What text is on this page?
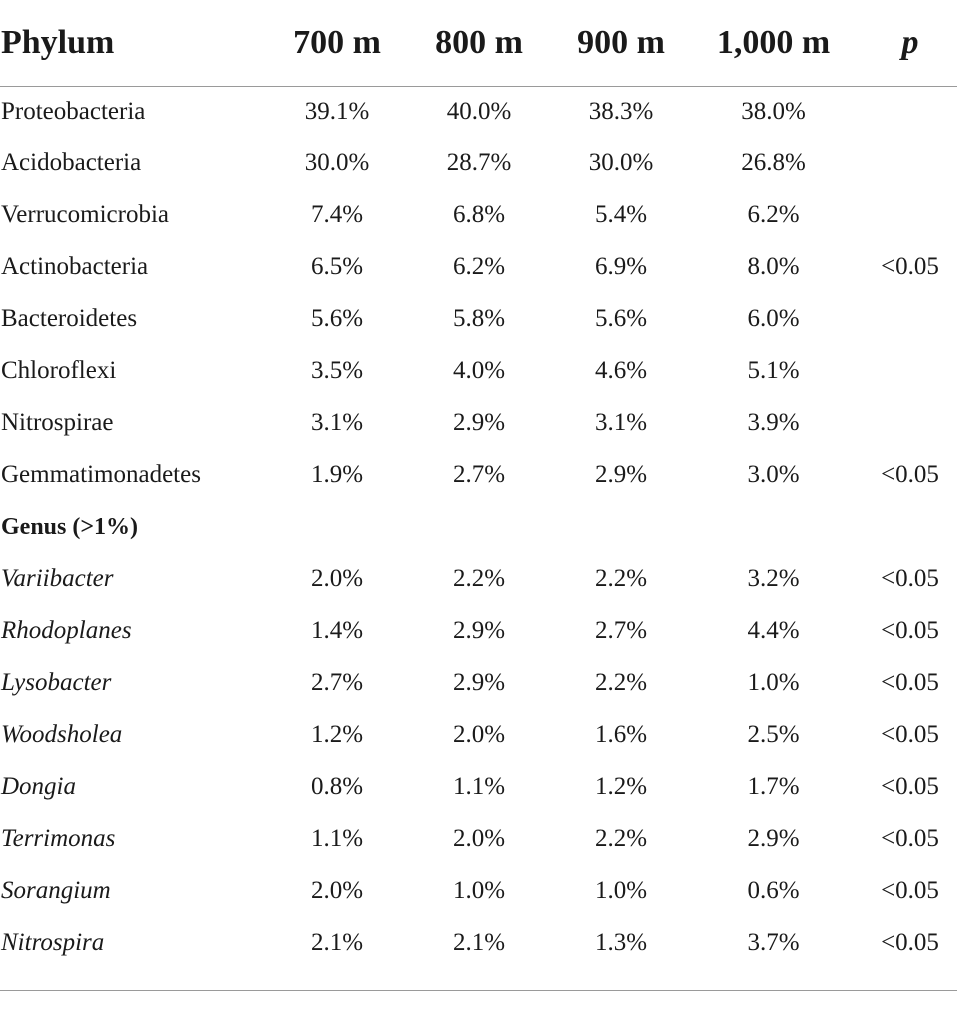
Phylum	700 m	800 m	900 m	1,000 m	p
Proteobacteria	39.1%	40.0%	38.3%	38.0%	
Acidobacteria	30.0%	28.7%	30.0%	26.8%	
Verrucomicrobia	7.4%	6.8%	5.4%	6.2%	
Actinobacteria	6.5%	6.2%	6.9%	8.0%	<0.05
Bacteroidetes	5.6%	5.8%	5.6%	6.0%	
Chloroflexi	3.5%	4.0%	4.6%	5.1%	
Nitrospirae	3.1%	2.9%	3.1%	3.9%	
Gemmatimonadetes	1.9%	2.7%	2.9%	3.0%	<0.05
Genus (>1%)					
Variibacter	2.0%	2.2%	2.2%	3.2%	<0.05
Rhodoplanes	1.4%	2.9%	2.7%	4.4%	<0.05
Lysobacter	2.7%	2.9%	2.2%	1.0%	<0.05
Woodsholea	1.2%	2.0%	1.6%	2.5%	<0.05
Dongia	0.8%	1.1%	1.2%	1.7%	<0.05
Terrimonas	1.1%	2.0%	2.2%	2.9%	<0.05
Sorangium	2.0%	1.0%	1.0%	0.6%	<0.05
Nitrospira	2.1%	2.1%	1.3%	3.7%	<0.05
